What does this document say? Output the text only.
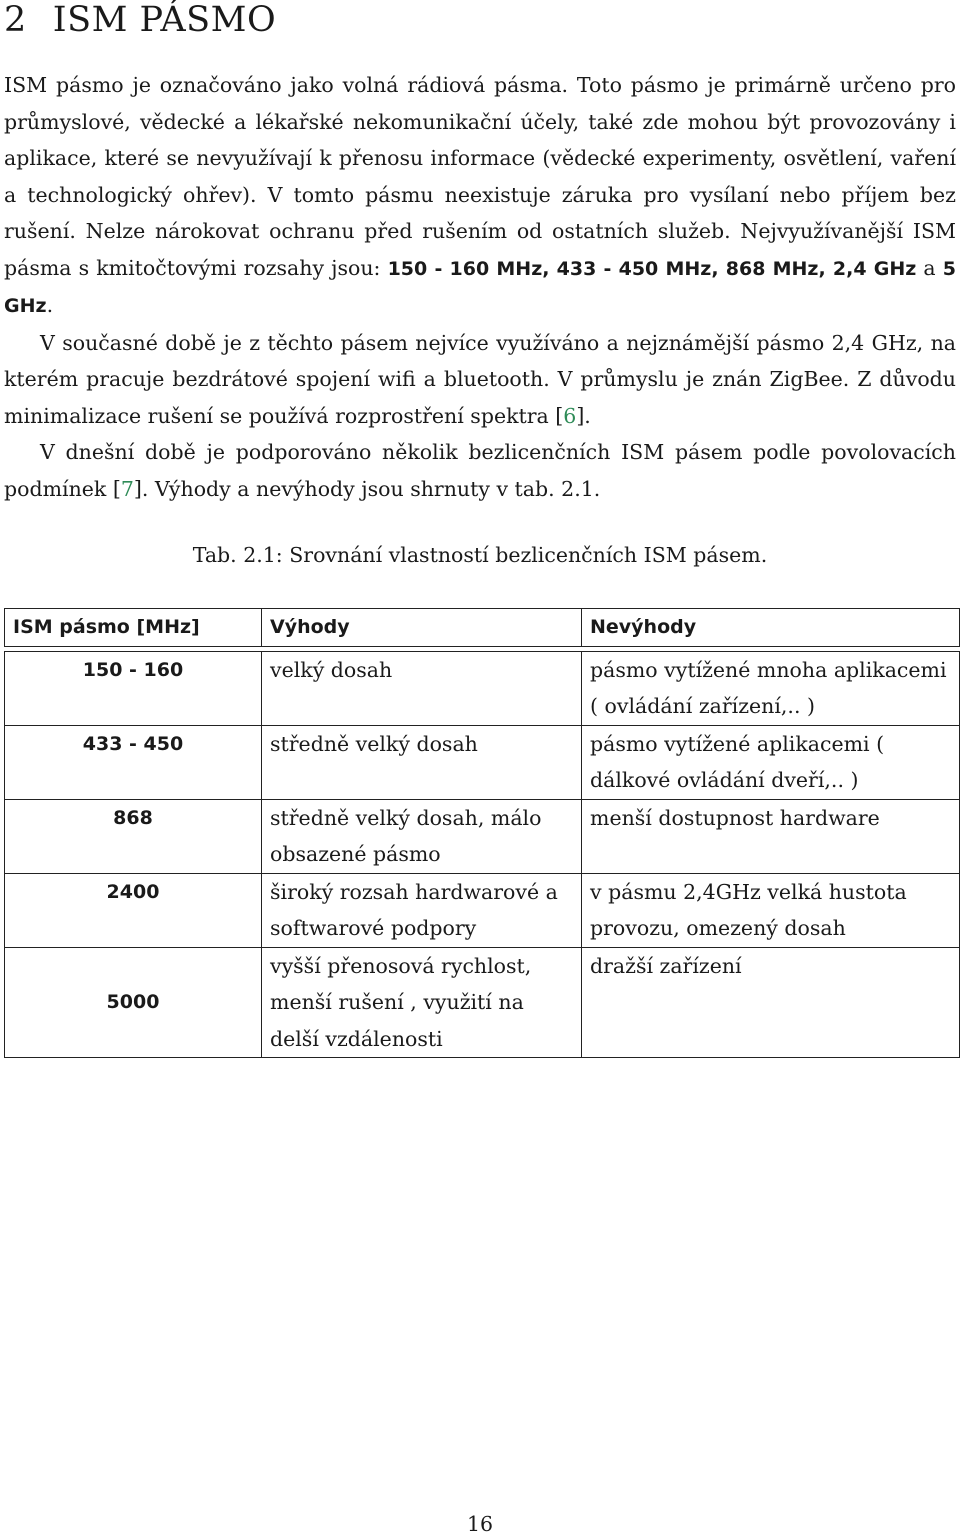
2 ISM PÁSMO

ISM pásmo je označováno jako volná rádiová pásma. Toto pásmo je primárně určeno pro průmyslové, vědecké a lékařské nekomunikační účely, také zde mohou být provozovány i aplikace, které se nevyužívají k přenosu informace (vědecké experimenty, osvětlení, vaření a technologický ohřev). V tomto pásmu neexistuje záruka pro vysílaní nebo příjem bez rušení. Nelze nárokovat ochranu před rušením od ostatních služeb. Nejvyužívanější ISM pásma s kmitočtovými rozsahy jsou: 150 - 160 MHz, 433 - 450 MHz, 868 MHz, 2,4 GHz a 5 GHz.

V současné době je z těchto pásem nejvíce využíváno a nejznámější pásmo 2,4 GHz, na kterém pracuje bezdrátové spojení wifi a bluetooth. V průmyslu je znán ZigBee. Z důvodu minimalizace rušení se používá rozprostření spektra [6].

V dnešní době je podporováno několik bezlicenčních ISM pásem podle povolovacích podmínek [7]. Výhody a nevýhody jsou shrnuty v tab. 2.1.

Tab. 2.1: Srovnání vlastností bezlicenčních ISM pásem.
ISM pásmo [MHz]	Výhody	Nevýhody

150 - 160	velký dosah	pásmo vytížené mnoha aplikacemi ( ovládání zařízení,.. )
433 - 450	středně velký dosah	pásmo vytížené aplikacemi ( dálkové ovládání dveří,.. )
868	středně velký dosah, málo obsazené pásmo	menší dostupnost hardware
2400	široký rozsah hardwarové a softwarové podpory	v pásmu 2,4GHz velká hustota provozu, omezený dosah
5000	vyšší přenosová rychlost, menší rušení , využití na delší vzdálenosti	dražší zařízení
16
